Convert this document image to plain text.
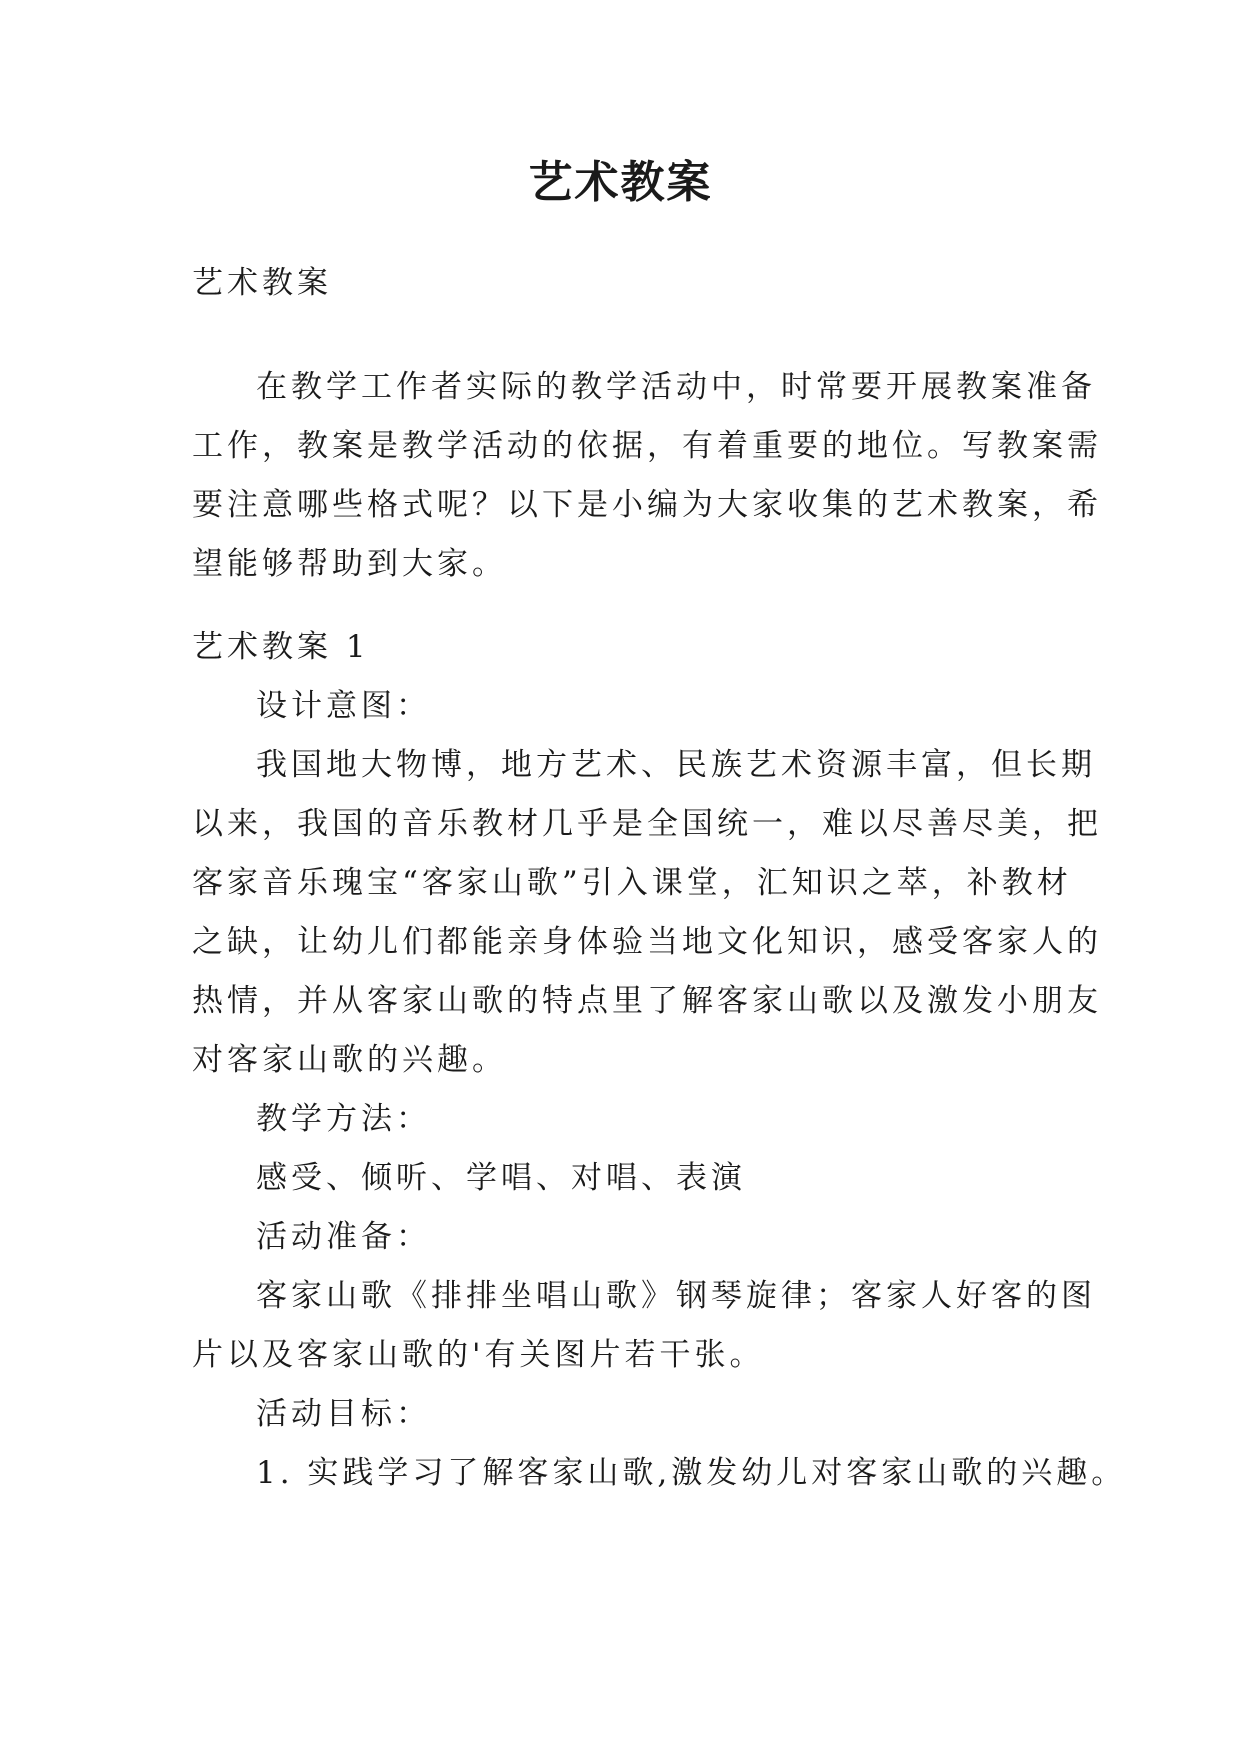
艺术教案

艺术教案

在教学工作者实际的教学活动中，时常要开展教案准备
工作，教案是教学活动的依据，有着重要的地位。写教案需
要注意哪些格式呢？以下是小编为大家收集的艺术教案，希
望能够帮助到大家。

艺术教案 1

设计意图：
我国地大物博，地方艺术、民族艺术资源丰富，但长期
以来，我国的音乐教材几乎是全国统一，难以尽善尽美，把
客家音乐瑰宝“客家山歌”引入课堂，汇知识之萃，补教材
之缺，让幼儿们都能亲身体验当地文化知识，感受客家人的
热情，并从客家山歌的特点里了解客家山歌以及激发小朋友
对客家山歌的兴趣。
教学方法：
感受、倾听、学唱、对唱、表演
活动准备：
客家山歌《排排坐唱山歌》钢琴旋律；客家人好客的图
片以及客家山歌的'有关图片若干张。
活动目标：
1. 实践学习了解客家山歌,激发幼儿对客家山歌的兴趣。
